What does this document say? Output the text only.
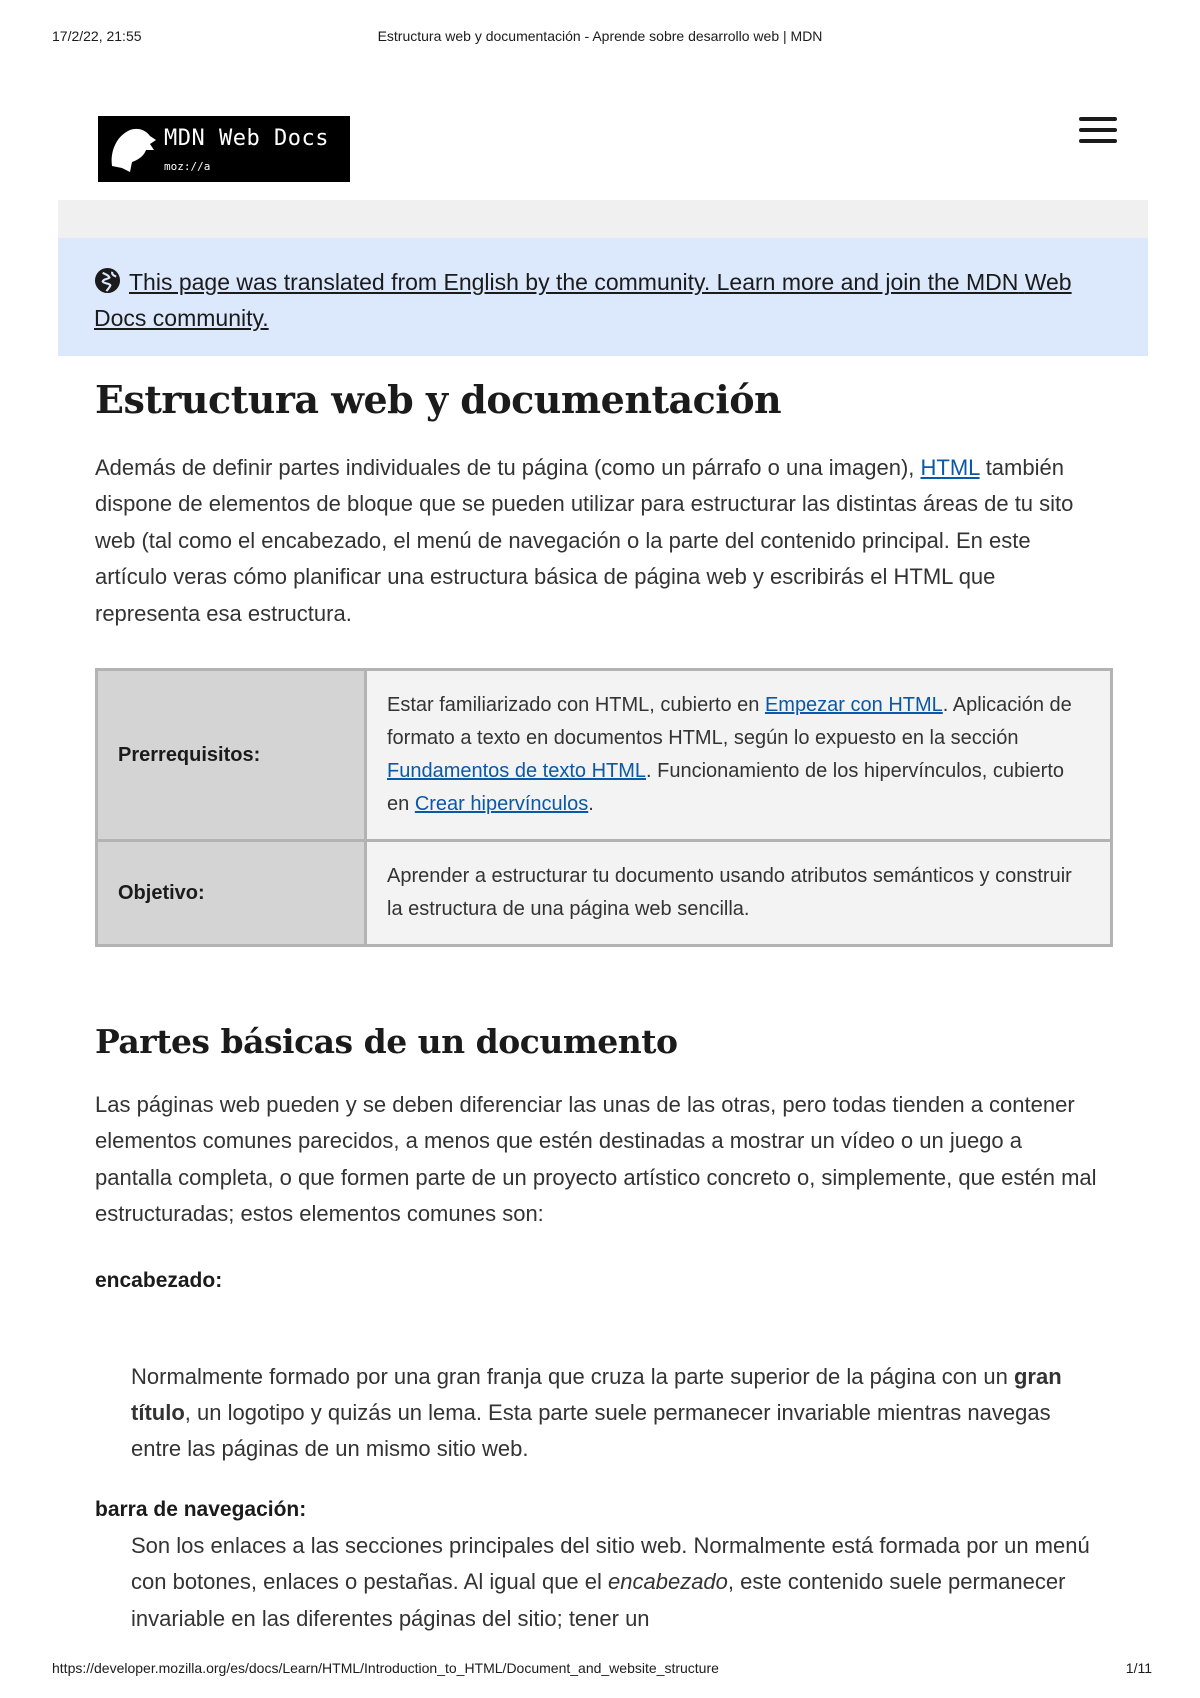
17/2/22, 21:55	Estructura web y documentación - Aprende sobre desarrollo web | MDN
MDN Web Docs
moz://a
This page was translated from English by the community. Learn more and join the MDN Web Docs community.
Estructura web y documentación

Además de definir partes individuales de tu página (como un párrafo o una imagen), HTML también dispone de elementos de bloque que se pueden utilizar para estructurar las distintas áreas de tu sito web (tal como el encabezado, el menú de navegación o la parte del contenido principal. En este artículo veras cómo planificar una estructura básica de página web y escribirás el HTML que representa esa estructura.

Prerrequisitos:	Estar familiarizado con HTML, cubierto en Empezar con HTML. Aplicación de formato a texto en documentos HTML, según lo expuesto en la sección Fundamentos de texto HTML. Funcionamiento de los hipervínculos, cubierto en Crear hipervínculos.
Objetivo:	Aprender a estructurar tu documento usando atributos semánticos y construir la estructura de una página web sencilla.
Partes básicas de un documento

Las páginas web pueden y se deben diferenciar las unas de las otras, pero todas tienden a contener elementos comunes parecidos, a menos que estén destinadas a mostrar un vídeo o un juego a pantalla completa, o que formen parte de un proyecto artístico concreto o, simplemente, que estén mal estructuradas; estos elementos comunes son:

encabezado:
Normalmente formado por una gran franja que cruza la parte superior de la página con un gran título, un logotipo y quizás un lema. Esta parte suele permanecer invariable mientras navegas entre las páginas de un mismo sitio web.
barra de navegación:
Son los enlaces a las secciones principales del sitio web. Normalmente está formada por un menú con botones, enlaces o pestañas. Al igual que el encabezado, este contenido suele permanecer invariable en las diferentes páginas del sitio; tener un
https://developer.mozilla.org/es/docs/Learn/HTML/Introduction_to_HTML/Document_and_website_structure	1/11
